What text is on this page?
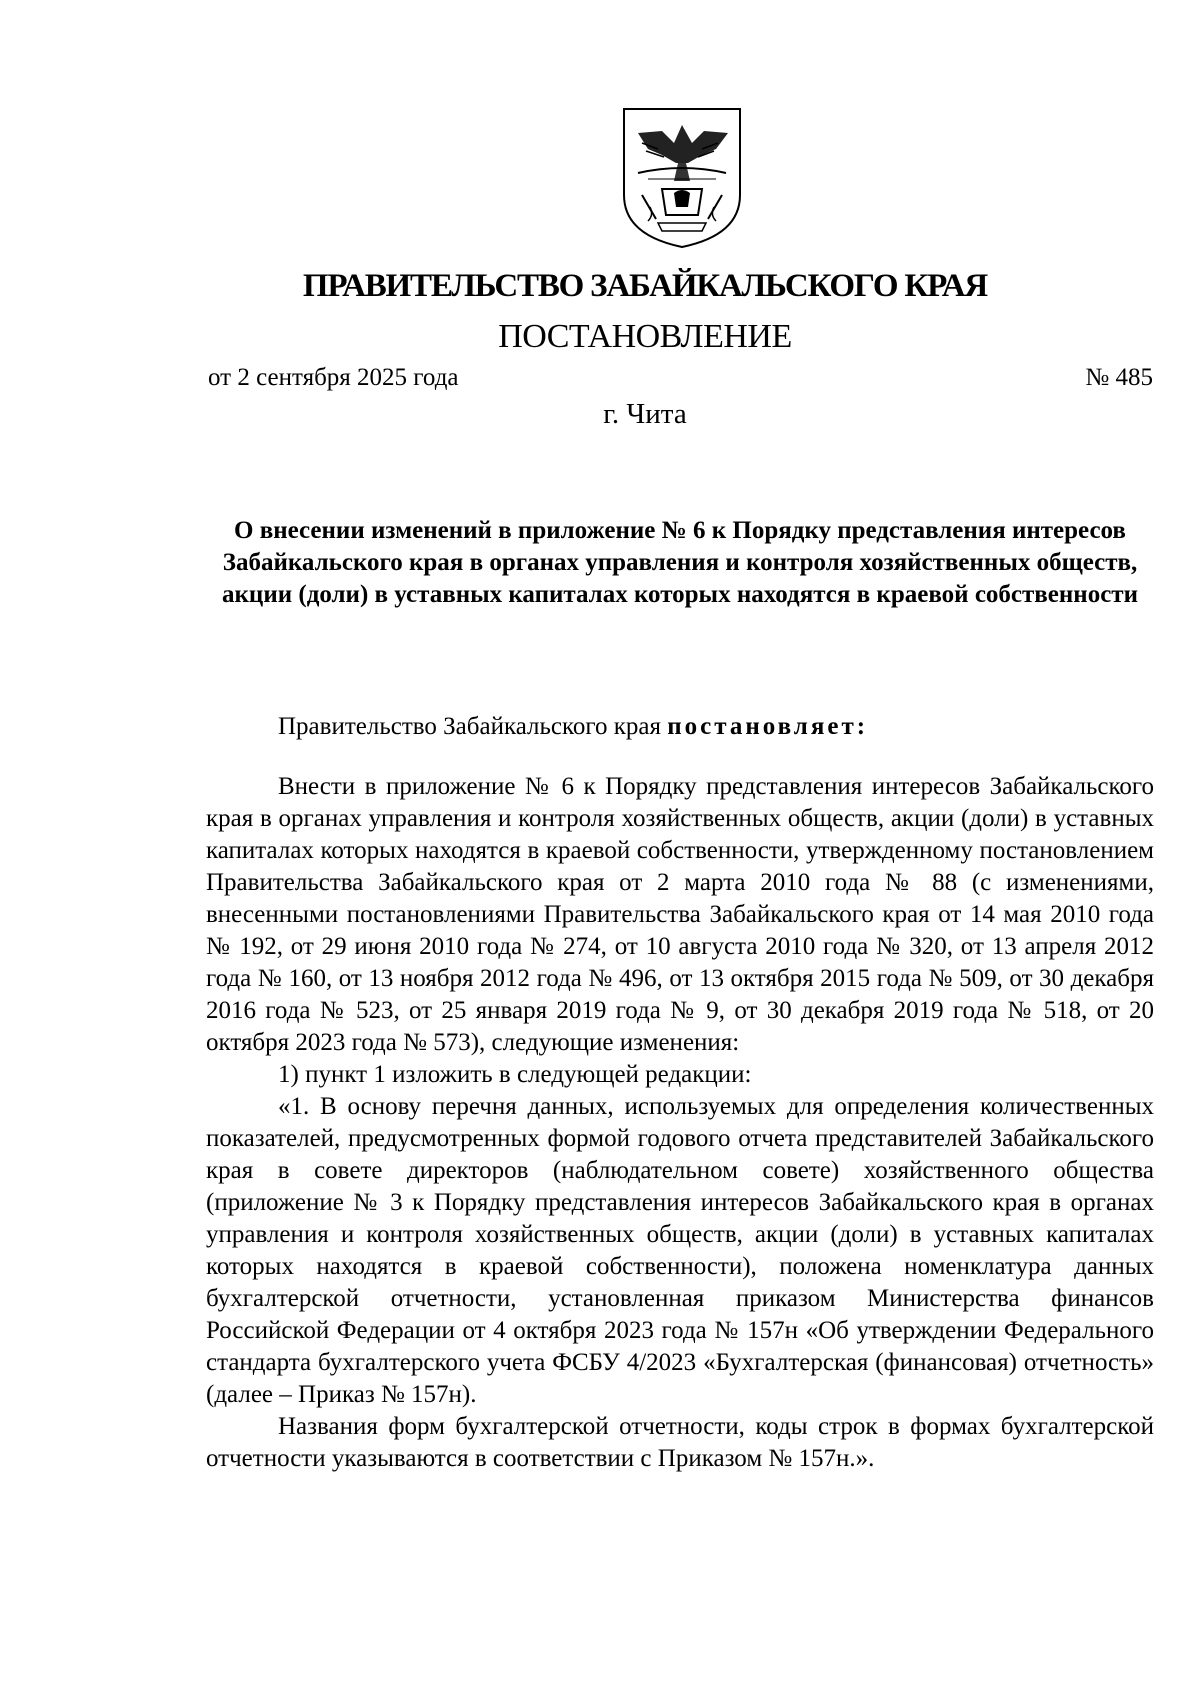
ПРАВИТЕЛЬСТВО ЗАБАЙКАЛЬСКОГО КРАЯ
ПОСТАНОВЛЕНИЕ
от 2 сентября 2025 года	№ 485
г. Чита
О внесении изменений в приложение № 6 к Порядку представления интересов Забайкальского края в органах управления и контроля хозяйственных обществ, акции (доли) в уставных капиталах которых находятся в краевой собственности

Правительство Забайкальского края постановляет:

Внести в приложение № 6 к Порядку представления интересов Забайкальского края в органах управления и контроля хозяйственных обществ, акции (доли) в уставных капиталах которых находятся в краевой собственности, утвержденному постановлением Правительства Забайкальского края от 2 марта 2010 года № 88 (с изменениями, внесенными постановлениями Правительства Забайкальского края от 14 мая 2010 года № 192, от 29 июня 2010 года № 274, от 10 августа 2010 года № 320, от 13 апреля 2012 года № 160, от 13 ноября 2012 года № 496, от 13 октября 2015 года № 509, от 30 декабря 2016 года № 523, от 25 января 2019 года № 9, от 30 декабря 2019 года № 518, от 20 октября 2023 года № 573), следующие изменения:

1) пункт 1 изложить в следующей редакции:

«1. В основу перечня данных, используемых для определения количественных показателей, предусмотренных формой годового отчета представителей Забайкальского края в совете директоров (наблюдательном совете) хозяйственного общества (приложение № 3 к Порядку представления интересов Забайкальского края в органах управления и контроля хозяйственных обществ, акции (доли) в уставных капиталах которых находятся в краевой собственности), положена номенклатура данных бухгалтерской отчетности, установленная приказом Министерства финансов Российской Федерации от 4 октября 2023 года № 157н «Об утверждении Федерального стандарта бухгалтерского учета ФСБУ 4/2023 «Бухгалтерская (финансовая) отчетность» (далее – Приказ № 157н).

Названия форм бухгалтерской отчетности, коды строк в формах бухгалтерской отчетности указываются в соответствии с Приказом № 157н.».
